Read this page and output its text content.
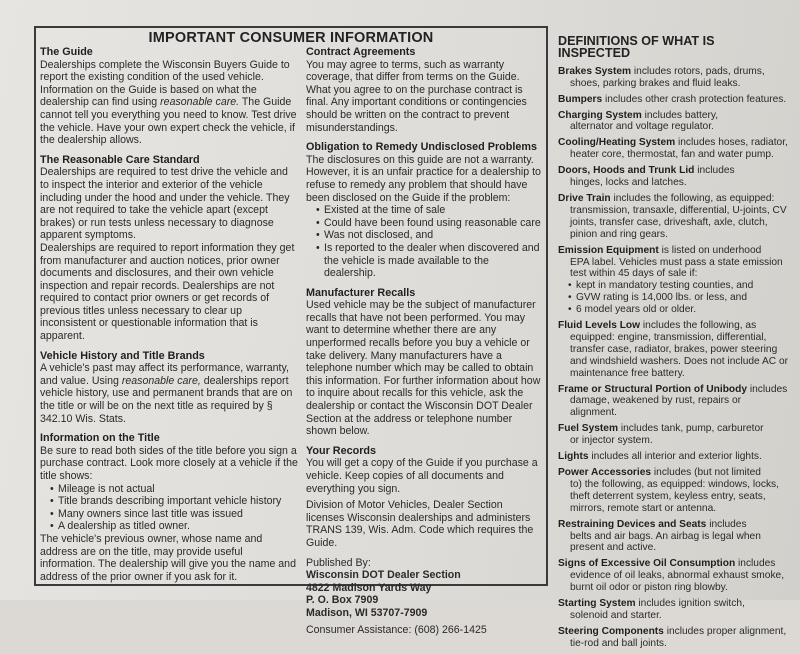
IMPORTANT CONSUMER INFORMATION
The Guide

Dealerships complete the Wisconsin Buyers Guide to report the existing condition of the used vehicle. Information on the Guide is based on what the dealership can find using reasonable care. The Guide cannot tell you everything you need to know. Test drive the vehicle. Have your own expert check the vehicle, if the dealership allows.

The Reasonable Care Standard

Dealerships are required to test drive the vehicle and to inspect the interior and exterior of the vehicle including under the hood and under the vehicle. They are not required to take the vehicle apart (except brakes) or run tests unless necessary to diagnose apparent symptoms.

Dealerships are required to report information they get from manufacturer and auction notices, prior owner documents and disclosures, and their own vehicle inspection and repair records. Dealerships are not required to contact prior owners or get records of previous titles unless necessary to clear up inconsistent or questionable information that is apparent.

Vehicle History and Title Brands

A vehicle's past may affect its performance, warranty, and value. Using reasonable care, dealerships report vehicle history, use and permanent brands that are on the title or will be on the next title as required by § 342.10 Wis. Stats.

Information on the Title

Be sure to read both sides of the title before you sign a purchase contract. Look more closely at a vehicle if the title shows:

• Mileage is not actual
• Title brands describing important vehicle history
• Many owners since last title was issued
• A dealership as titled owner.

The vehicle's previous owner, whose name and address are on the title, may provide useful information. The dealership will give you the name and address of the prior owner if you ask for it.

Contract Agreements

You may agree to terms, such as warranty coverage, that differ from terms on the Guide. What you agree to on the purchase contract is final. Any important conditions or contingencies should be written on the contract to prevent misunderstandings.

Obligation to Remedy Undisclosed Problems

The disclosures on this guide are not a warranty. However, it is an unfair practice for a dealership to refuse to remedy any problem that should have been disclosed on the Guide if the problem:

• Existed at the time of sale
• Could have been found using reasonable care
• Was not disclosed, and
• Is reported to the dealer when discovered and the vehicle is made available to the dealership.
Manufacturer Recalls

Used vehicle may be the subject of manufacturer recalls that have not been performed. You may want to determine whether there are any unperformed recalls before you buy a vehicle or take delivery. Many manufacturers have a telephone number which may be called to obtain this information. For further information about how to inquire about recalls for this vehicle, ask the dealership or contact the Wisconsin DOT Dealer Section at the address or telephone number shown below.

Your Records

You will get a copy of the Guide if you purchase a vehicle. Keep copies of all documents and everything you sign.

Division of Motor Vehicles, Dealer Section licenses Wisconsin dealerships and administers TRANS 139, Wis. Adm. Code which requires the Guide.

Published By:

Wisconsin DOT Dealer Section

4822 Madison Yards Way

P. O. Box 7909

Madison, WI 53707-7909

Consumer Assistance: (608) 266-1425

DEFINITIONS OF WHAT IS INSPECTED
Brakes System includes rotors, pads, drums,
shoes, parking brakes and fluid leaks.
Bumpers includes other crash protection features.
Charging System includes battery,
alternator and voltage regulator.
Cooling/Heating System includes hoses, radiator,
heater core, thermostat, fan and water pump.
Doors, Hoods and Trunk Lid includes
hinges, locks and latches.
Drive Train includes the following, as equipped:
transmission, transaxle, differential, U-joints, CV joints, transfer case, driveshaft, axle, clutch, pinion and ring gears.
Emission Equipment is listed on underhood
EPA label. Vehicles must pass a state emission test within 45 days of sale if:
• kept in mandatory testing counties, and
• GVW rating is 14,000 lbs. or less, and
• 6 model years old or older.
Fluid Levels Low includes the following, as
equipped: engine, transmission, differential, transfer case, radiator, brakes, power steering and windshield washers. Does not include AC or maintenance free battery.
Frame or Structural Portion of Unibody includes
damage, weakened by rust, repairs or alignment.
Fuel System includes tank, pump, carburetor
or injector system.
Lights includes all interior and exterior lights.
Power Accessories includes (but not limited
to) the following, as equipped: windows, locks, theft deterrent system, keyless entry, seats, mirrors, remote start or antenna.
Restraining Devices and Seats includes
belts and air bags. An airbag is legal when present and active.
Signs of Excessive Oil Consumption includes
evidence of oil leaks, abnormal exhaust smoke, burnt oil odor or piston ring blowby.
Starting System includes ignition switch,
solenoid and starter.
Steering Components includes proper alignment,
tie-rod and ball joints.
